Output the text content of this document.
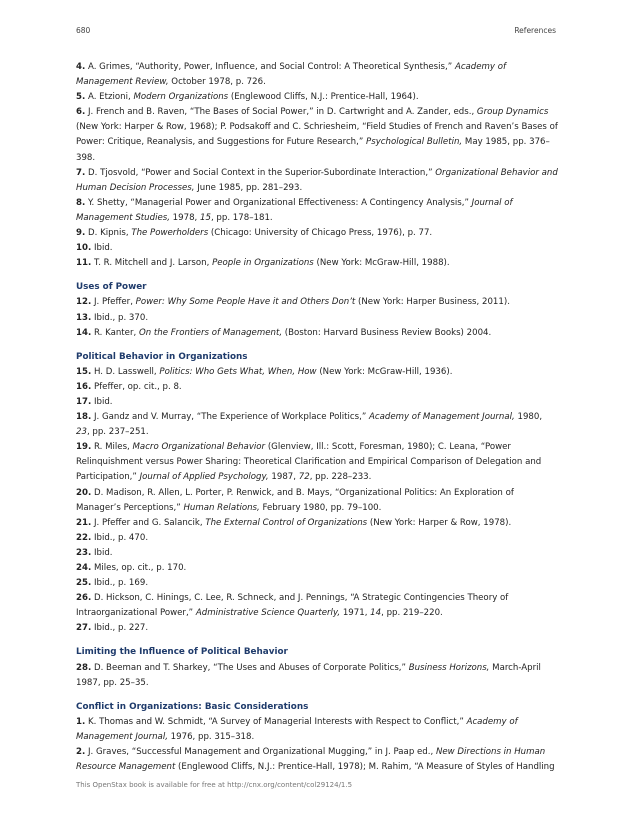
680	References

4. A. Grimes, “Authority, Power, Influence, and Social Control: A Theoretical Synthesis,” Academy of Management Review, October 1978, p. 726.

5. A. Etzioni, Modern Organizations (Englewood Cliffs, N.J.: Prentice-Hall, 1964).

6. J. French and B. Raven, “The Bases of Social Power,” in D. Cartwright and A. Zander, eds., Group Dynamics (New York: Harper & Row, 1968); P. Podsakoff and C. Schriesheim, “Field Studies of French and Raven’s Bases of Power: Critique, Reanalysis, and Suggestions for Future Research,” Psychological Bulletin, May 1985, pp. 376–398.

7. D. Tjosvold, “Power and Social Context in the Superior-Subordinate Interaction,” Organizational Behavior and Human Decision Processes, June 1985, pp. 281–293.

8. Y. Shetty, “Managerial Power and Organizational Effectiveness: A Contingency Analysis,” Journal of Management Studies, 1978, 15, pp. 178–181.

9. D. Kipnis, The Powerholders (Chicago: University of Chicago Press, 1976), p. 77.

10. Ibid.

11. T. R. Mitchell and J. Larson, People in Organizations (New York: McGraw-Hill, 1988).

Uses of Power

12. J. Pfeffer, Power: Why Some People Have it and Others Don’t (New York: Harper Business, 2011).

13. Ibid., p. 370.

14. R. Kanter, On the Frontiers of Management, (Boston: Harvard Business Review Books) 2004.

Political Behavior in Organizations

15. H. D. Lasswell, Politics: Who Gets What, When, How (New York: McGraw-Hill, 1936).

16. Pfeffer, op. cit., p. 8.

17. Ibid.

18. J. Gandz and V. Murray, “The Experience of Workplace Politics,” Academy of Management Journal, 1980, 23, pp. 237–251.

19. R. Miles, Macro Organizational Behavior (Glenview, Ill.: Scott, Foresman, 1980); C. Leana, “Power Relinquishment versus Power Sharing: Theoretical Clarification and Empirical Comparison of Delegation and Participation,” Journal of Applied Psychology, 1987, 72, pp. 228–233.

20. D. Madison, R. Allen, L. Porter, P. Renwick, and B. Mays, “Organizational Politics: An Exploration of Manager’s Perceptions,” Human Relations, February 1980, pp. 79–100.

21. J. Pfeffer and G. Salancik, The External Control of Organizations (New York: Harper & Row, 1978).

22. Ibid., p. 470.

23. Ibid.

24. Miles, op. cit., p. 170.

25. Ibid., p. 169.

26. D. Hickson, C. Hinings, C. Lee, R. Schneck, and J. Pennings, “A Strategic Contingencies Theory of Intraorganizational Power,” Administrative Science Quarterly, 1971, 14, pp. 219–220.

27. Ibid., p. 227.

Limiting the Influence of Political Behavior

28. D. Beeman and T. Sharkey, “The Uses and Abuses of Corporate Politics,” Business Horizons, March-April 1987, pp. 25–35.

Conflict in Organizations: Basic Considerations

1. K. Thomas and W. Schmidt, “A Survey of Managerial Interests with Respect to Conflict,” Academy of Management Journal, 1976, pp. 315–318.

2. J. Graves, “Successful Management and Organizational Mugging,” in J. Paap ed., New Directions in Human Resource Management (Englewood Cliffs, N.J.: Prentice-Hall, 1978); M. Rahim, “A Measure of Styles of Handling

This OpenStax book is available for free at http://cnx.org/content/col29124/1.5
